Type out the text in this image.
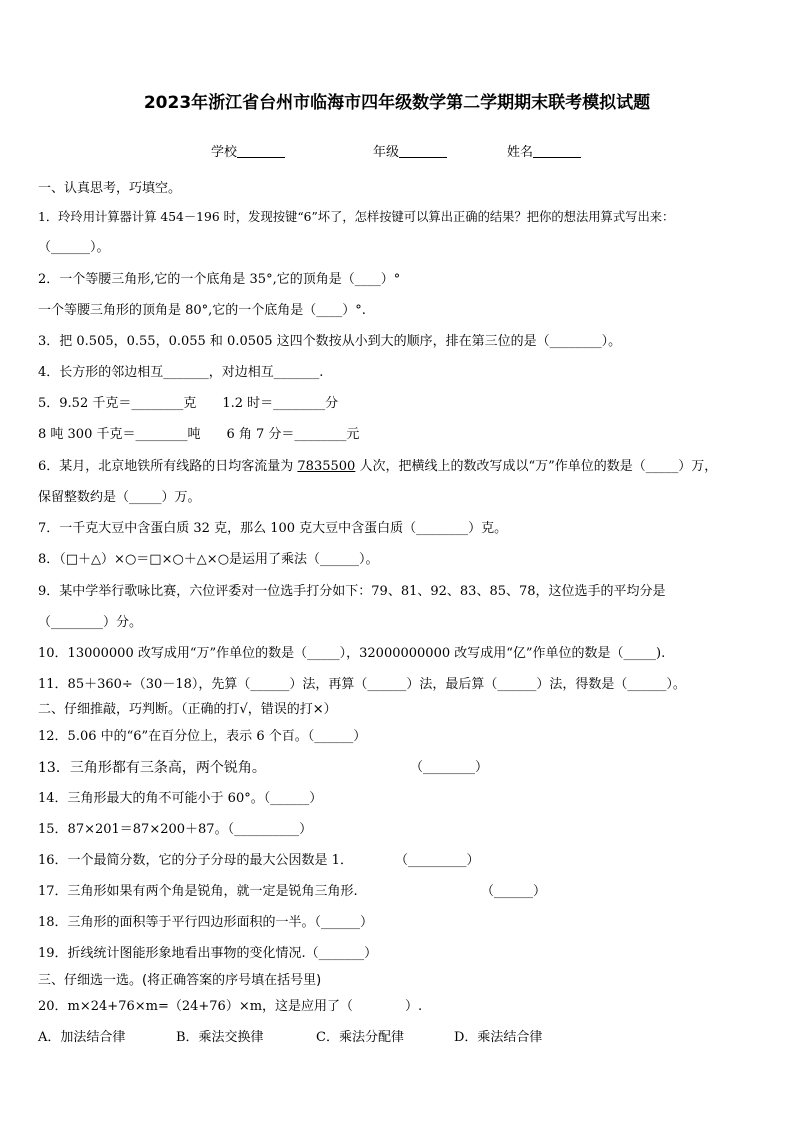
2023年浙江省台州市临海市四年级数学第二学期期末联考模拟试题
学校	年级	姓名
一、认真思考，巧填空。
1．玲玲用计算器计算 454－196 时，发现按键“6”坏了，怎样按键可以算出正确的结果？把你的想法用算式写出来：
（______）。
2．一个等腰三角形,它的一个底角是 35°,它的顶角是（____）°
一个等腰三角形的顶角是 80°,它的一个底角是（____）°.
3．把 0.505，0.55，0.055 和 0.0505 这四个数按从小到大的顺序，排在第三位的是（________）。
4．长方形的邻边相互_______，对边相互_______.
5．9.52 千克＝________克　　1.2 时＝________分
8 吨 300 千克＝________吨　　6 角 7 分＝________元
6．某月，北京地铁所有线路的日均客流量为 7835500 人次，把横线上的数改写成以“万”作单位的数是（_____）万，
保留整数约是（_____）万。
7．一千克大豆中含蛋白质 32 克，那么 100 克大豆中含蛋白质（________）克。
8．（□＋△）×○＝□×○＋△×○是运用了乘法（______）。
9．某中学举行歌咏比赛，六位评委对一位选手打分如下：79、81、92、83、85、78，这位选手的平均分是
（________）分。
10．13000000 改写成用“万”作单位的数是（_____），32000000000 改写成用“亿”作单位的数是（_____).
11．85＋360÷（30－18），先算（______）法，再算（______）法，最后算（______）法，得数是（______）。
二、仔细推敲，巧判断。（正确的打√，错误的打×）
12．5.06 中的“6”在百分位上，表示 6 个百。（______）
13．三角形都有三条高，两个锐角。	（________）
14．三角形最大的角不可能小于 60°。（______）
15．87×201＝87×200＋87。（__________）
16．一个最简分数，它的分子分母的最大公因数是 1．	（_________）
17．三角形如果有两个角是锐角，就一定是锐角三角形.	（______）
18．三角形的面积等于平行四边形面积的一半。（______）
19．折线统计图能形象地看出事物的变化情况.（_______）
三、仔细选一选。(将正确答案的序号填在括号里)
20．m×24+76×m=（24+76）×m，这是应用了（　　　　）.
A．加法结合律	B．乘法交换律	C．乘法分配律	D．乘法结合律
